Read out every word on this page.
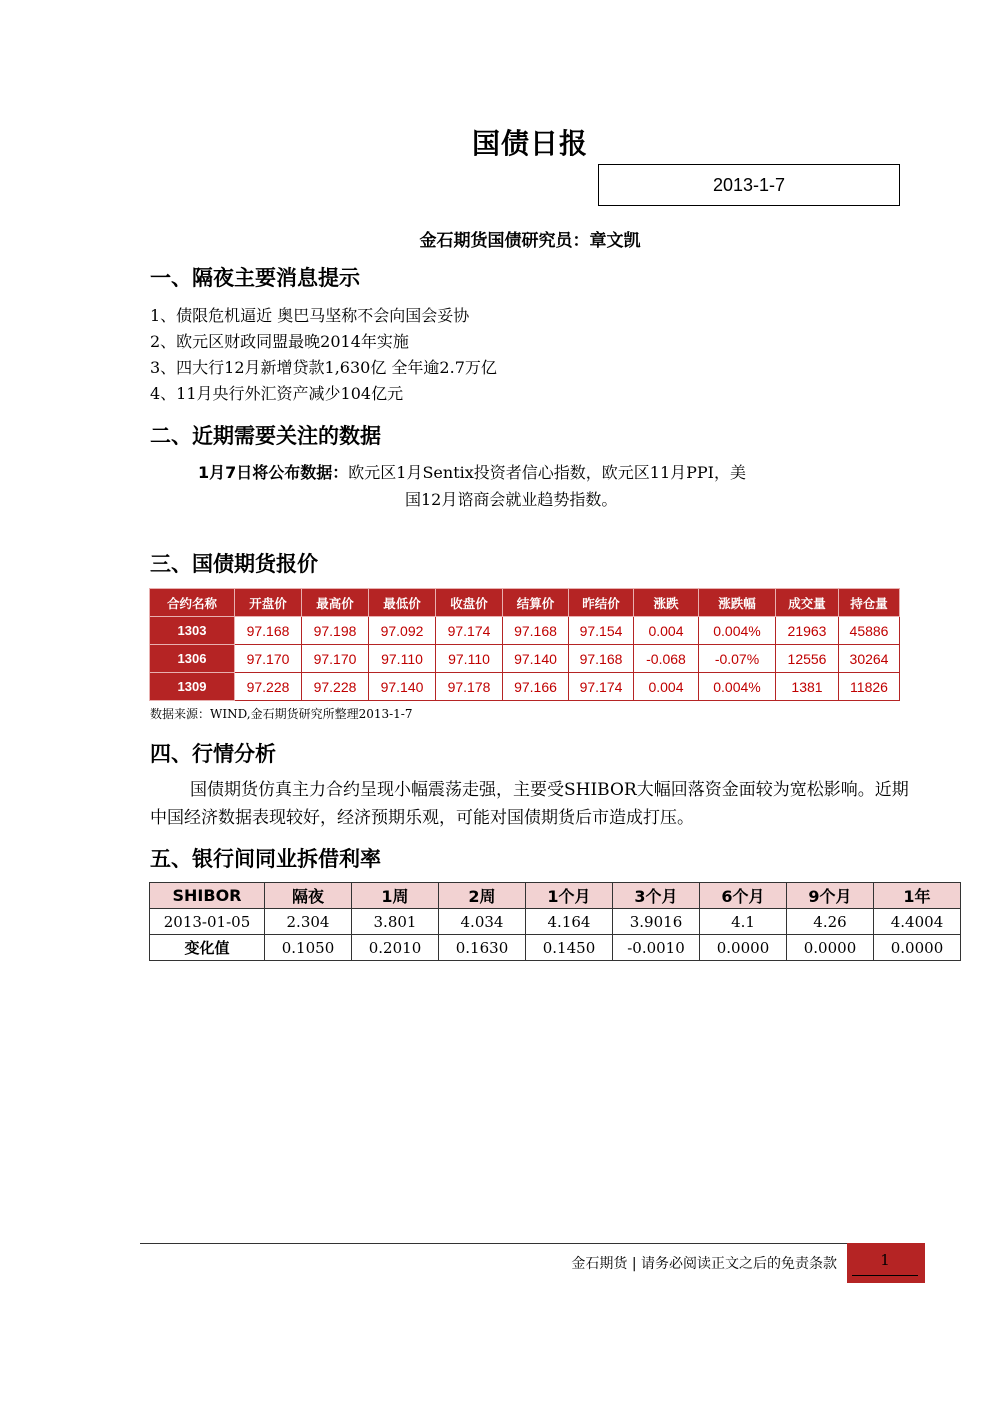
国债日报
2013-1-7
金石期货国债研究员：章文凯
一、隔夜主要消息提示
1、债限危机逼近 奥巴马坚称不会向国会妥协
2、欧元区财政同盟最晚2014年实施
3、四大行12月新增贷款1,630亿 全年逾2.7万亿
4、11月央行外汇资产减少104亿元
二、近期需要关注的数据
1月7日将公布数据：欧元区1月Sentix投资者信心指数，欧元区11月PPI，美
国12月谘商会就业趋势指数。
三、国债期货报价
合约名称	开盘价	最高价	最低价	收盘价	结算价	昨结价	涨跌	涨跌幅	成交量	持仓量
1303	97.168	97.198	97.092	97.174	97.168	97.154	0.004	0.004%	21963	45886
1306	97.170	97.170	97.110	97.110	97.140	97.168	-0.068	-0.07%	12556	30264
1309	97.228	97.228	97.140	97.178	97.166	97.174	0.004	0.004%	1381	11826
数据来源：WIND,金石期货研究所整理2013-1-7
四、行情分析
国债期货仿真主力合约呈现小幅震荡走强，主要受SHIBOR大幅回落资金面较为宽松影响。近期中国经济数据表现较好，经济预期乐观，可能对国债期货后市造成打压。
五、银行间同业拆借利率
SHIBOR	隔夜	1周	2周	1个月	3个月	6个月	9个月	1年
2013-01-05	2.304	3.801	4.034	4.164	3.9016	4.1	4.26	4.4004
变化值	0.1050	0.2010	0.1630	0.1450	-0.0010	0.0000	0.0000	0.0000
金石期货 | 请务必阅读正文之后的免责条款	1
